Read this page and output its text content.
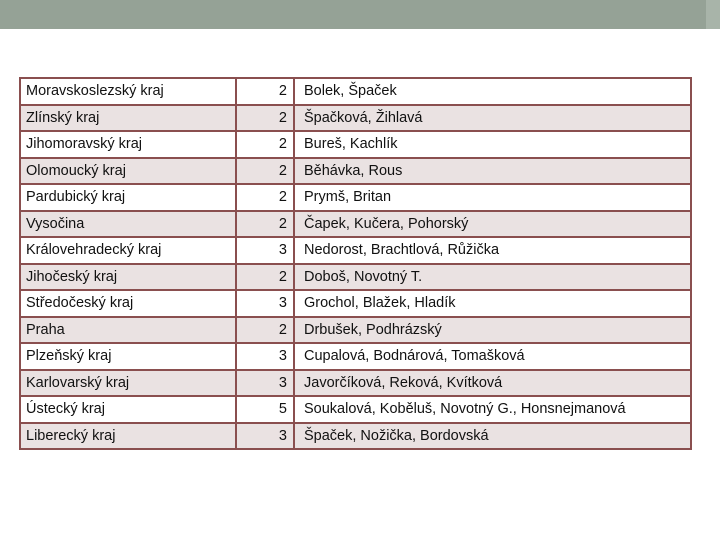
Moravskoslezský kraj	2	Bolek, Špaček
Zlínský kraj	2	Špačková, Žihlavá
Jihomoravský kraj	2	Bureš, Kachlík
Olomoucký kraj	2	Běhávka, Rous
Pardubický kraj	2	Prymš, Britan
Vysočina	2	Čapek, Kučera, Pohorský
Královehradecký kraj	3	Nedorost, Brachtlová, Růžička
Jihočeský kraj	2	Doboš, Novotný T.
Středočeský kraj	3	Grochol, Blažek, Hladík
Praha	2	Drbušek, Podhrázský
Plzeňský kraj	3	Cupalová, Bodnárová, Tomašková
Karlovarský kraj	3	Javorčíková, Reková, Kvítková
Ústecký kraj	5	Soukalová, Koběluš, Novotný G., Honsnejmanová
Liberecký kraj	3	Špaček, Nožička, Bordovská
